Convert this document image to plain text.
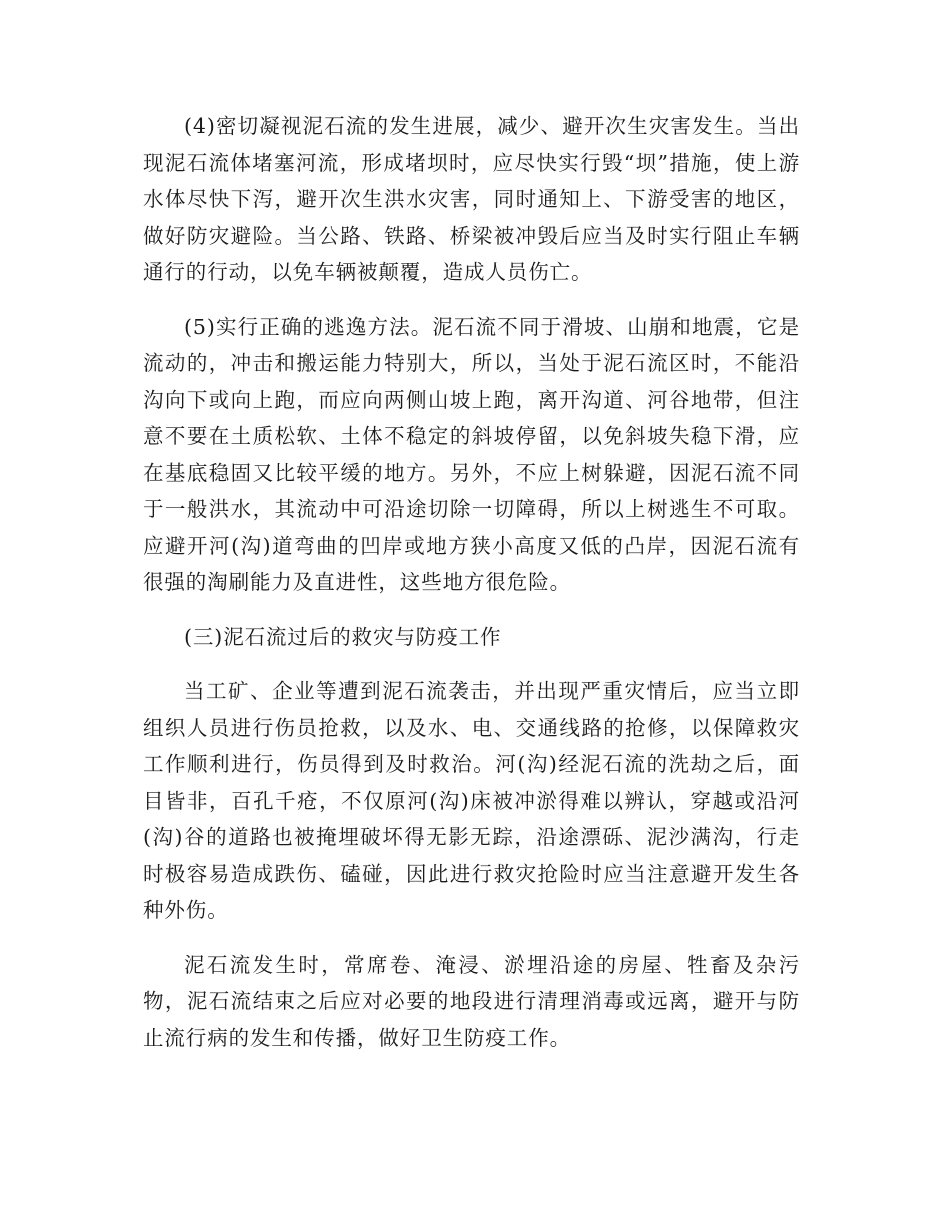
(4)密切凝视泥石流的发生进展，减少、避开次生灾害发生。当出现泥石流体堵塞河流，形成堵坝时，应尽快实行毁“坝”措施，使上游水体尽快下泻，避开次生洪水灾害，同时通知上、下游受害的地区，做好防灾避险。当公路、铁路、桥梁被冲毁后应当及时实行阻止车辆通行的行动，以免车辆被颠覆，造成人员伤亡。

(5)实行正确的逃逸方法。泥石流不同于滑坡、山崩和地震，它是流动的，冲击和搬运能力特别大，所以，当处于泥石流区时，不能沿沟向下或向上跑，而应向两侧山坡上跑，离开沟道、河谷地带，但注意不要在土质松软、土体不稳定的斜坡停留，以免斜坡失稳下滑，应在基底稳固又比较平缓的地方。另外，不应上树躲避，因泥石流不同于一般洪水，其流动中可沿途切除一切障碍，所以上树逃生不可取。应避开河(沟)道弯曲的凹岸或地方狭小高度又低的凸岸，因泥石流有很强的淘刷能力及直进性，这些地方很危险。

(三)泥石流过后的救灾与防疫工作

当工矿、企业等遭到泥石流袭击，并出现严重灾情后，应当立即组织人员进行伤员抢救，以及水、电、交通线路的抢修，以保障救灾工作顺利进行，伤员得到及时救治。河(沟)经泥石流的洗劫之后，面目皆非，百孔千疮，不仅原河(沟)床被冲淤得难以辨认，穿越或沿河(沟)谷的道路也被掩埋破坏得无影无踪，沿途漂砾、泥沙满沟，行走时极容易造成跌伤、磕碰，因此进行救灾抢险时应当注意避开发生各种外伤。

泥石流发生时，常席卷、淹浸、淤埋沿途的房屋、牲畜及杂污物，泥石流结束之后应对必要的地段进行清理消毒或远离，避开与防止流行病的发生和传播，做好卫生防疫工作。
